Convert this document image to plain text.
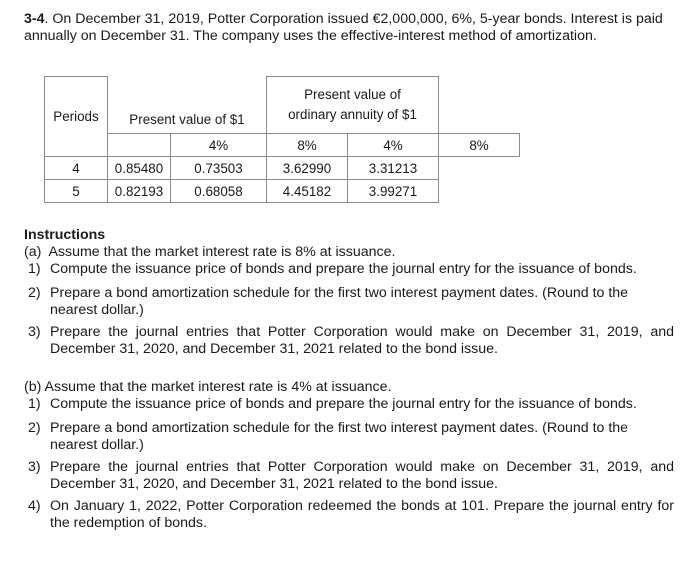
3-4. On December 31, 2019, Potter Corporation issued €2,000,000, 6%, 5-year bonds. Interest is paid annually on December 31. The company uses the effective-interest method of amortization.
Periods	Present value of $1		Present value of
ordinary annuity of $1		

		4%	8%	4%	8%
4	0.85480	0.73503	3.62990	3.31213	
5	0.82193	0.68058	4.45182	3.99271	

Instructions

(a) Assume that the market interest rate is 8% at issuance.

1) Compute the issuance price of bonds and prepare the journal entry for the issuance of bonds.
2) Prepare a bond amortization schedule for the first two interest payment dates. (Round to the nearest dollar.)
3) Prepare the journal entries that Potter Corporation would make on December 31, 2019, and December 31, 2020, and December 31, 2021 related to the bond issue.

(b) Assume that the market interest rate is 4% at issuance.

1) Compute the issuance price of bonds and prepare the journal entry for the issuance of bonds.
2) Prepare a bond amortization schedule for the first two interest payment dates. (Round to the nearest dollar.)
3) Prepare the journal entries that Potter Corporation would make on December 31, 2019, and December 31, 2020, and December 31, 2021 related to the bond issue.
4) On January 1, 2022, Potter Corporation redeemed the bonds at 101. Prepare the journal entry for the redemption of bonds.
